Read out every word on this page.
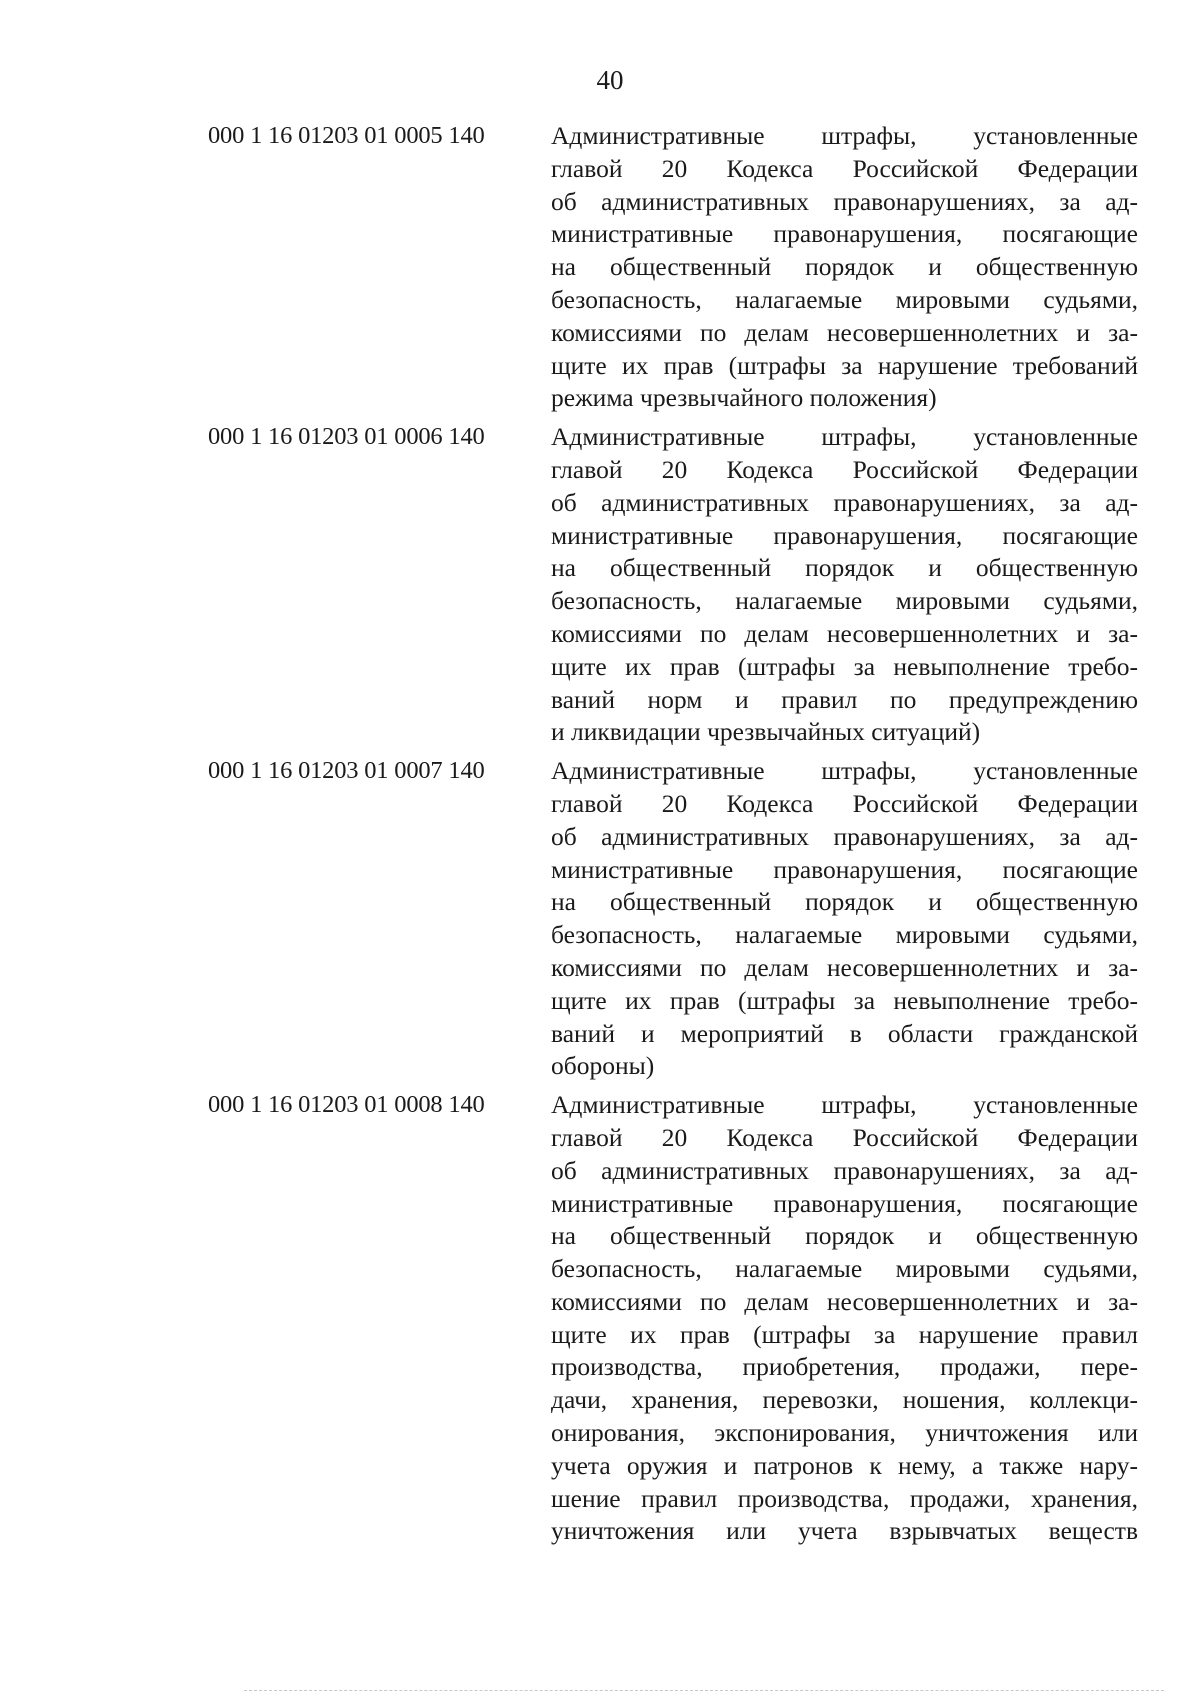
40
000 1 16 01203 01 0005 140	Административные штрафы, установленные
главой 20 Кодекса Российской Федерации
об административных правонарушениях, за ад-
министративные правонарушения, посягающие
на общественный порядок и общественную
безопасность, налагаемые мировыми судьями,
комиссиями по делам несовершеннолетних и за-
щите их прав (штрафы за нарушение требований
режима чрезвычайного положения)
000 1 16 01203 01 0006 140	Административные штрафы, установленные
главой 20 Кодекса Российской Федерации
об административных правонарушениях, за ад-
министративные правонарушения, посягающие
на общественный порядок и общественную
безопасность, налагаемые мировыми судьями,
комиссиями по делам несовершеннолетних и за-
щите их прав (штрафы за невыполнение требо-
ваний норм и правил по предупреждению
и ликвидации чрезвычайных ситуаций)
000 1 16 01203 01 0007 140	Административные штрафы, установленные
главой 20 Кодекса Российской Федерации
об административных правонарушениях, за ад-
министративные правонарушения, посягающие
на общественный порядок и общественную
безопасность, налагаемые мировыми судьями,
комиссиями по делам несовершеннолетних и за-
щите их прав (штрафы за невыполнение требо-
ваний и мероприятий в области гражданской
обороны)
000 1 16 01203 01 0008 140	Административные штрафы, установленные
главой 20 Кодекса Российской Федерации
об административных правонарушениях, за ад-
министративные правонарушения, посягающие
на общественный порядок и общественную
безопасность, налагаемые мировыми судьями,
комиссиями по делам несовершеннолетних и за-
щите их прав (штрафы за нарушение правил
производства, приобретения, продажи, пере-
дачи, хранения, перевозки, ношения, коллекци-
онирования, экспонирования, уничтожения или
учета оружия и патронов к нему, а также нару-
шение правил производства, продажи, хранения,
уничтожения или учета взрывчатых веществ
